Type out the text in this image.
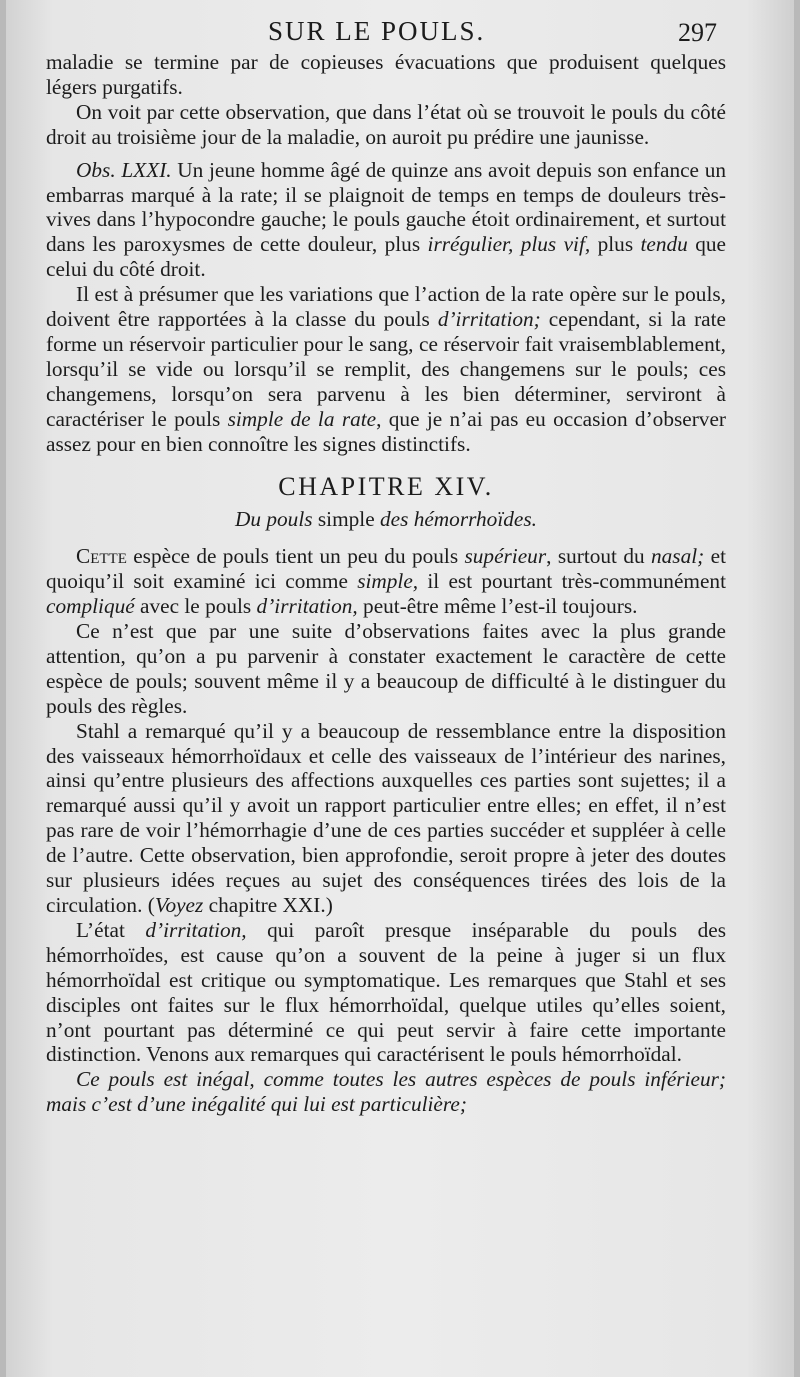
SUR LE POULS.	297

maladie se termine par de copieuses évacuations que produisent quelques légers purgatifs.

On voit par cette observation, que dans l’état où se trouvoit le pouls du côté droit au troisième jour de la maladie, on auroit pu prédire une jaunisse.

Obs. LXXI. Un jeune homme âgé de quinze ans avoit depuis son enfance un embarras marqué à la rate; il se plaignoit de temps en temps de douleurs très-vives dans l’hypocondre gauche; le pouls gauche étoit ordinairement, et surtout dans les paroxysmes de cette douleur, plus irrégulier, plus vif, plus tendu que celui du côté droit.

Il est à présumer que les variations que l’action de la rate opère sur le pouls, doivent être rapportées à la classe du pouls d’irritation; cependant, si la rate forme un réservoir particulier pour le sang, ce réservoir fait vraisemblablement, lorsqu’il se vide ou lorsqu’il se remplit, des changemens sur le pouls; ces changemens, lorsqu’on sera parvenu à les bien déterminer, serviront à caractériser le pouls simple de la rate, que je n’ai pas eu occasion d’observer assez pour en bien connoître les signes distinctifs.

CHAPITRE XIV.
Du pouls simple des hémorrhoïdes.

Cette espèce de pouls tient un peu du pouls supérieur, surtout du nasal; et quoiqu’il soit examiné ici comme simple, il est pourtant très-communément compliqué avec le pouls d’irritation, peut-être même l’est-il toujours.

Ce n’est que par une suite d’observations faites avec la plus grande attention, qu’on a pu parvenir à constater exactement le caractère de cette espèce de pouls; souvent même il y a beaucoup de difficulté à le distinguer du pouls des règles.

Stahl a remarqué qu’il y a beaucoup de ressemblance entre la disposition des vaisseaux hémorrhoïdaux et celle des vaisseaux de l’intérieur des narines, ainsi qu’entre plusieurs des affections auxquelles ces parties sont sujettes; il a remarqué aussi qu’il y avoit un rapport particulier entre elles; en effet, il n’est pas rare de voir l’hémorrhagie d’une de ces parties succéder et suppléer à celle de l’autre. Cette observation, bien approfondie, seroit propre à jeter des doutes sur plusieurs idées reçues au sujet des conséquences tirées des lois de la circulation. (Voyez chapitre XXI.)

L’état d’irritation, qui paroît presque inséparable du pouls des hémorrhoïdes, est cause qu’on a souvent de la peine à juger si un flux hémorrhoïdal est critique ou symptomatique. Les remarques que Stahl et ses disciples ont faites sur le flux hémorrhoïdal, quelque utiles qu’elles soient, n’ont pourtant pas déterminé ce qui peut servir à faire cette importante distinction. Venons aux remarques qui caractérisent le pouls hémorrhoïdal.

Ce pouls est inégal, comme toutes les autres espèces de pouls inférieur; mais c’est d’une inégalité qui lui est particulière;
